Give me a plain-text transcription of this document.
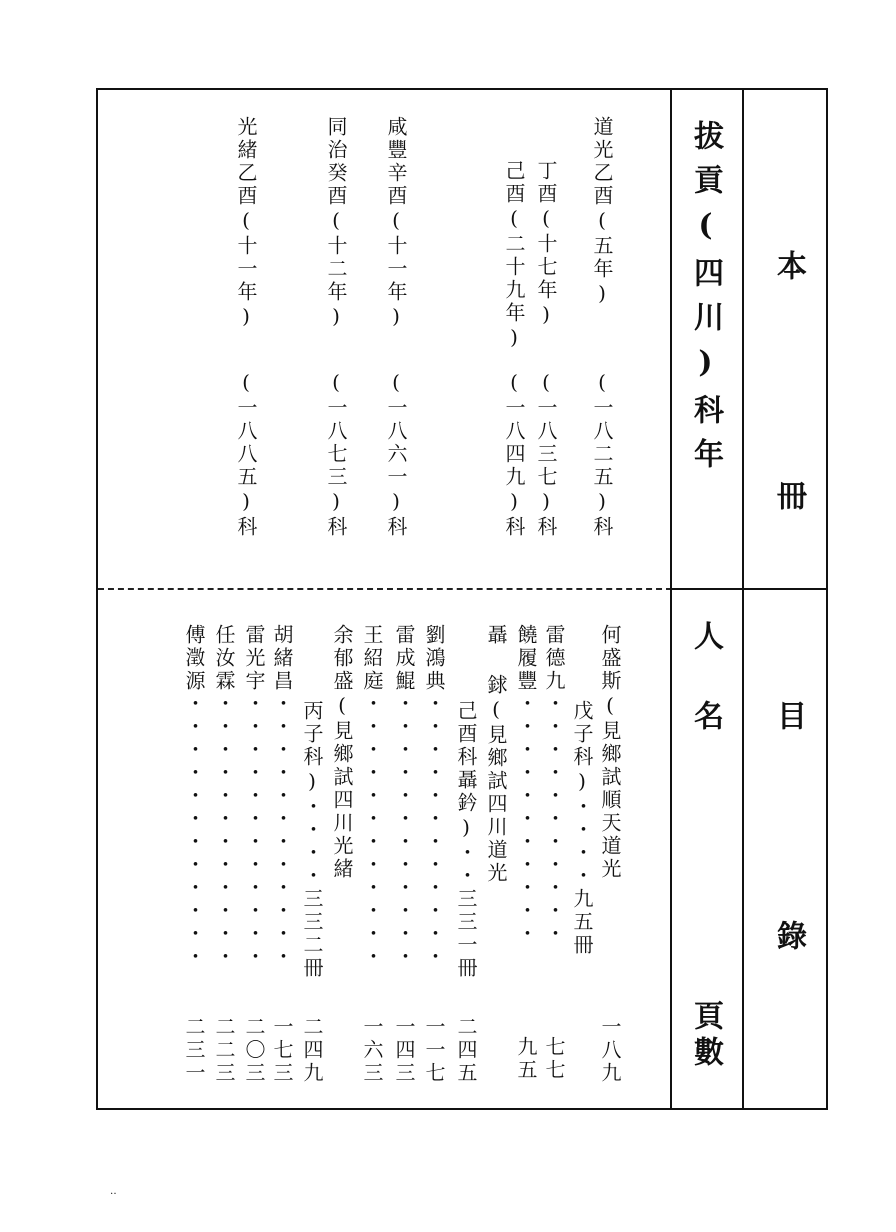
本
冊
目
錄
拔貢(四川)科年
人名
頁數
道光乙酉(五年)
(一八二五)科
丁酉(十七年)
(一八三七)科
己酉(二十九年)
(一八四九)科
咸豐辛酉(十一年)
(一八六一)科
同治癸酉(十二年)
(一八七三)科
光緒乙酉(十一年)
(一八八五)科
何盛斯(見鄉試順天道光
一八九
戊子科)・・・・九五冊
雷德九・・・・・・・・・・・
七七
饒履豐・・・・・・・・・・・
九五
聶 銶(見鄉試四川道光
己酉科聶鈐)・・三三一冊
二四五
劉鴻典・・・・・・・・・・・・
一一七
雷成鯤・・・・・・・・・・・・
一四三
王紹庭・・・・・・・・・・・・
一六三
余郁盛(見鄉試四川光緒
丙子科)・・・・三三二冊
二四九
胡緒昌・・・・・・・・・・・・
一七三
雷光宇・・・・・・・・・・・・
二〇三
任汝霖・・・・・・・・・・・・
二二三
傅澂源・・・・・・・・・・・・
二三一
‥
